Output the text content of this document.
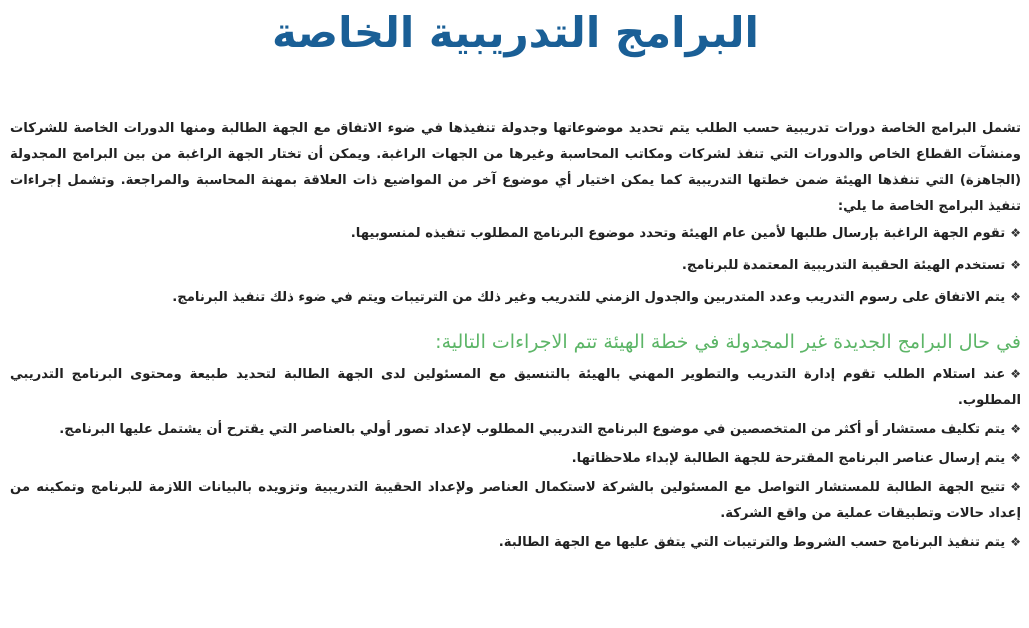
البرامج التدريبية الخاصة

تشمل البرامج الخاصة دورات تدريبية حسب الطلب يتم تحديد موضوعاتها وجدولة تنفيذها في ضوء الاتفاق مع الجهة الطالبة ومنها الدورات الخاصة للشركات ومنشآت القطاع الخاص والدورات التي تنفذ لشركات ومكاتب المحاسبة وغيرها من الجهات الراغبة. ويمكن أن تختار الجهة الراغبة من بين البرامج المجدولة (الجاهزة) التي تنفذها الهيئة ضمن خطتها التدريبية كما يمكن اختيار أي موضوع آخر من المواضيع ذات العلاقة بمهنة المحاسبة والمراجعة. وتشمل إجراءات تنفيذ البرامج الخاصة ما يلي:

❖تقوم الجهة الراغبة بإرسال طلبها لأمين عام الهيئة وتحدد موضوع البرنامج المطلوب تنفيذه لمنسوبيها.
❖تستخدم الهيئة الحقيبة التدريبية المعتمدة للبرنامج.
❖يتم الاتفاق على رسوم التدريب وعدد المتدربين والجدول الزمني للتدريب وغير ذلك من الترتيبات ويتم في ضوء ذلك تنفيذ البرنامج.
في حال البرامج الجديدة غير المجدولة في خطة الهيئة تتم الاجراءات التالية:
❖عند استلام الطلب تقوم إدارة التدريب والتطوير المهني بالهيئة بالتنسيق مع المسئولين لدى الجهة الطالبة لتحديد طبيعة ومحتوى البرنامج التدريبي المطلوب.
❖يتم تكليف مستشار أو أكثر من المتخصصين في موضوع البرنامج التدريبي المطلوب لإعداد تصور أولي بالعناصر التي يقترح أن يشتمل عليها البرنامج.
❖يتم إرسال عناصر البرنامج المقترحة للجهة الطالبة لإبداء ملاحظاتها.
❖تتيح الجهة الطالبة للمستشار التواصل مع المسئولين بالشركة لاستكمال العناصر ولإعداد الحقيبة التدريبية وتزويده بالبيانات اللازمة للبرنامج وتمكينه من إعداد حالات وتطبيقات عملية من واقع الشركة.
❖يتم تنفيذ البرنامج حسب الشروط والترتيبات التي يتفق عليها مع الجهة الطالبة.
